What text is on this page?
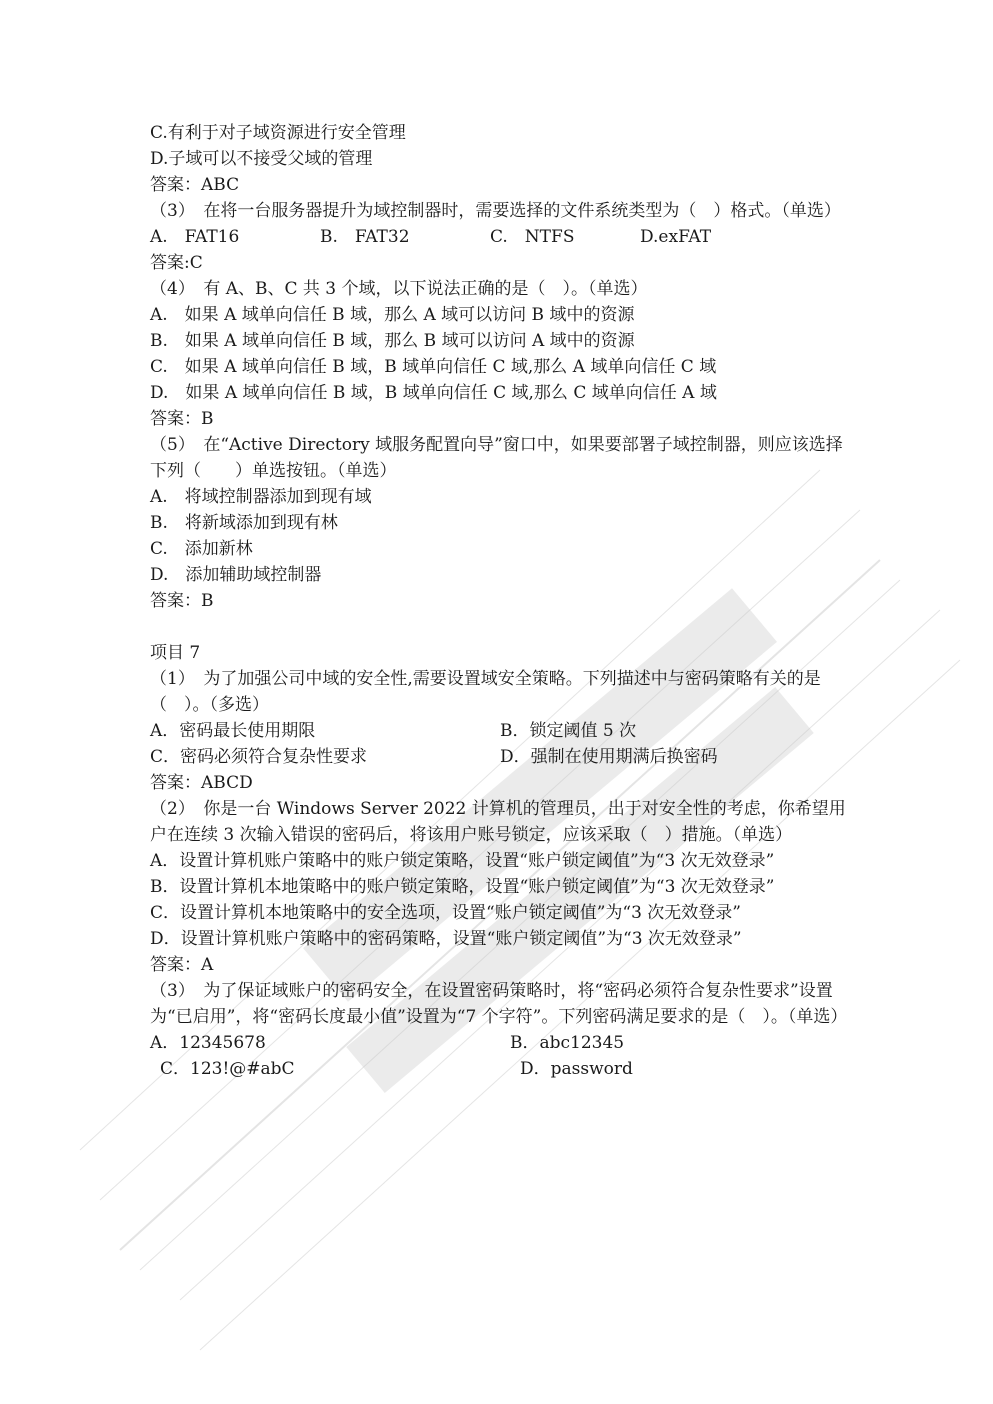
C.有利于对子域资源进行安全管理
D.子域可以不接受父域的管理
答案：ABC
（3）　在将一台服务器提升为域控制器时，需要选择的文件系统类型为（　）格式。（单选）
A.　FAT16	B.　FAT32	C.　NTFS	D.exFAT
答案:C
（4）　有 A、B、C 共 3 个域，以下说法正确的是（　）。（单选）
A.　如果 A 域单向信任 B 域，那么 A 域可以访问 B 域中的资源
B.　如果 A 域单向信任 B 域，那么 B 域可以访问 A 域中的资源
C.　如果 A 域单向信任 B 域，B 域单向信任 C 域,那么 A 域单向信任 C 域
D.　如果 A 域单向信任 B 域，B 域单向信任 C 域,那么 C 域单向信任 A 域
答案：B
（5）　在“Active Directory 域服务配置向导”窗口中，如果要部署子域控制器，则应该选择下列（　　）单选按钮。（单选）
A.　将域控制器添加到现有域
B.　将新域添加到现有林
C.　添加新林
D.　添加辅助域控制器
答案：B
项目 7
（1）　为了加强公司中域的安全性,需要设置域安全策略。下列描述中与密码策略有关的是（　）。（多选）
A．密码最长使用期限	B．锁定阈值 5 次
C．密码必须符合复杂性要求	D．强制在使用期满后换密码
答案：ABCD
（2）　你是一台 Windows Server 2022 计算机的管理员，出于对安全性的考虑，你希望用户在连续 3 次输入错误的密码后，将该用户账号锁定，应该采取（　）措施。（单选）
A．设置计算机账户策略中的账户锁定策略，设置“账户锁定阈值”为“3 次无效登录”
B．设置计算机本地策略中的账户锁定策略，设置“账户锁定阈值”为“3 次无效登录”
C．设置计算机本地策略中的安全选项，设置“账户锁定阈值”为“3 次无效登录”
D．设置计算机账户策略中的密码策略，设置“账户锁定阈值”为“3 次无效登录”
答案：A
（3）　为了保证域账户的密码安全，在设置密码策略时，将“密码必须符合复杂性要求”设置为“已启用”，将“密码长度最小值”设置为“7 个字符”。下列密码满足要求的是（　）。（单选）
A．12345678	B．abc12345
C．123!@#abC	D．password
